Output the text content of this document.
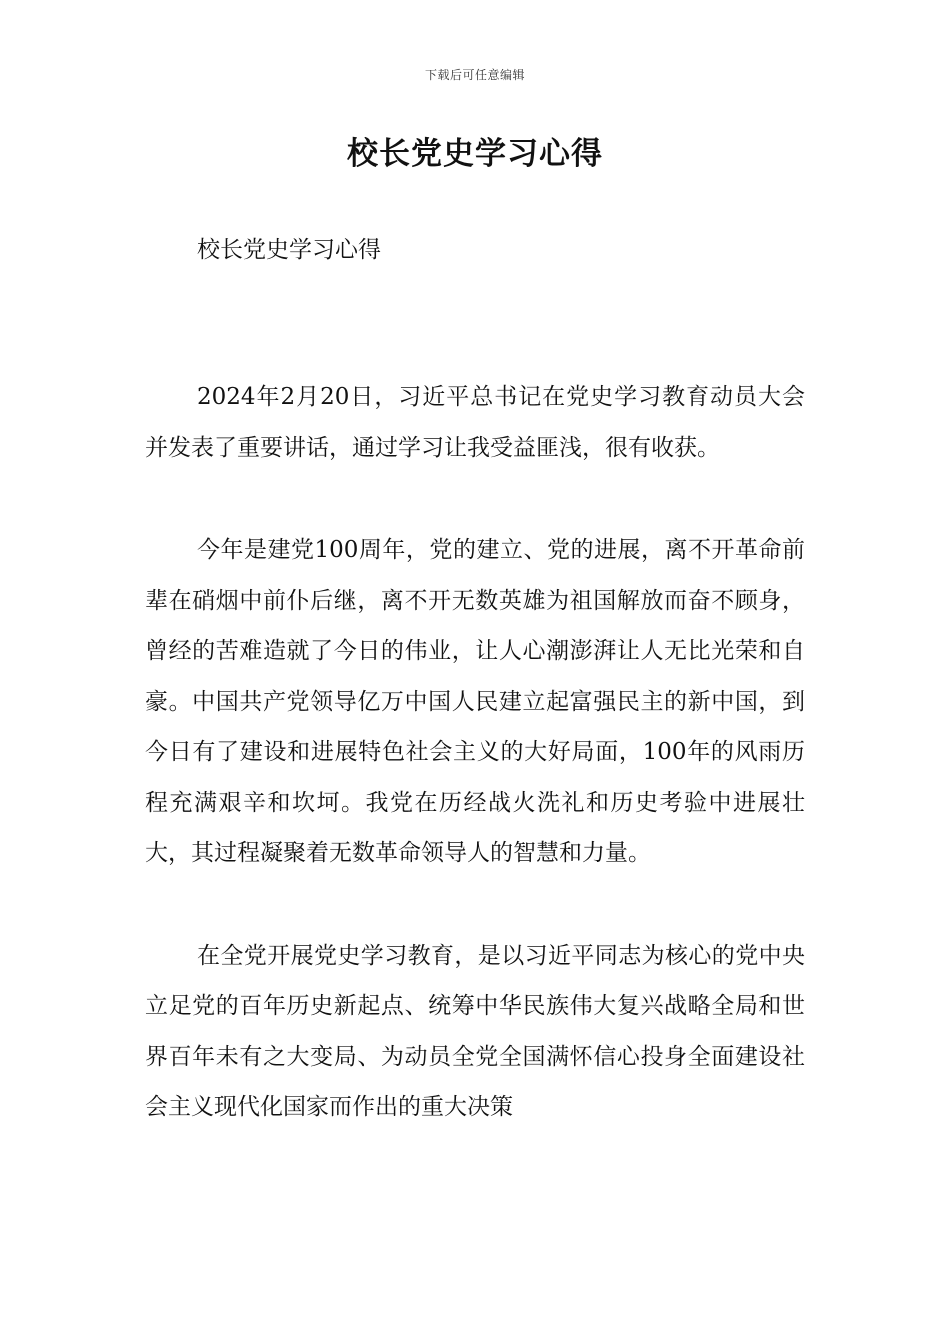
下载后可任意编辑
校长党史学习心得

校长党史学习心得

2024年2月20日，习近平总书记在党史学习教育动员大会并发表了重要讲话，通过学习让我受益匪浅，很有收获。

今年是建党100周年，党的建立、党的进展，离不开革命前辈在硝烟中前仆后继，离不开无数英雄为祖国解放而奋不顾身，曾经的苦难造就了今日的伟业，让人心潮澎湃让人无比光荣和自豪。中国共产党领导亿万中国人民建立起富强民主的新中国，到今日有了建设和进展特色社会主义的大好局面，100年的风雨历程充满艰辛和坎坷。我党在历经战火洗礼和历史考验中进展壮大，其过程凝聚着无数革命领导人的智慧和力量。

在全党开展党史学习教育，是以习近平同志为核心的党中央立足党的百年历史新起点、统筹中华民族伟大复兴战略全局和世界百年未有之大变局、为动员全党全国满怀信心投身全面建设社会主义现代化国家而作出的重大决策
